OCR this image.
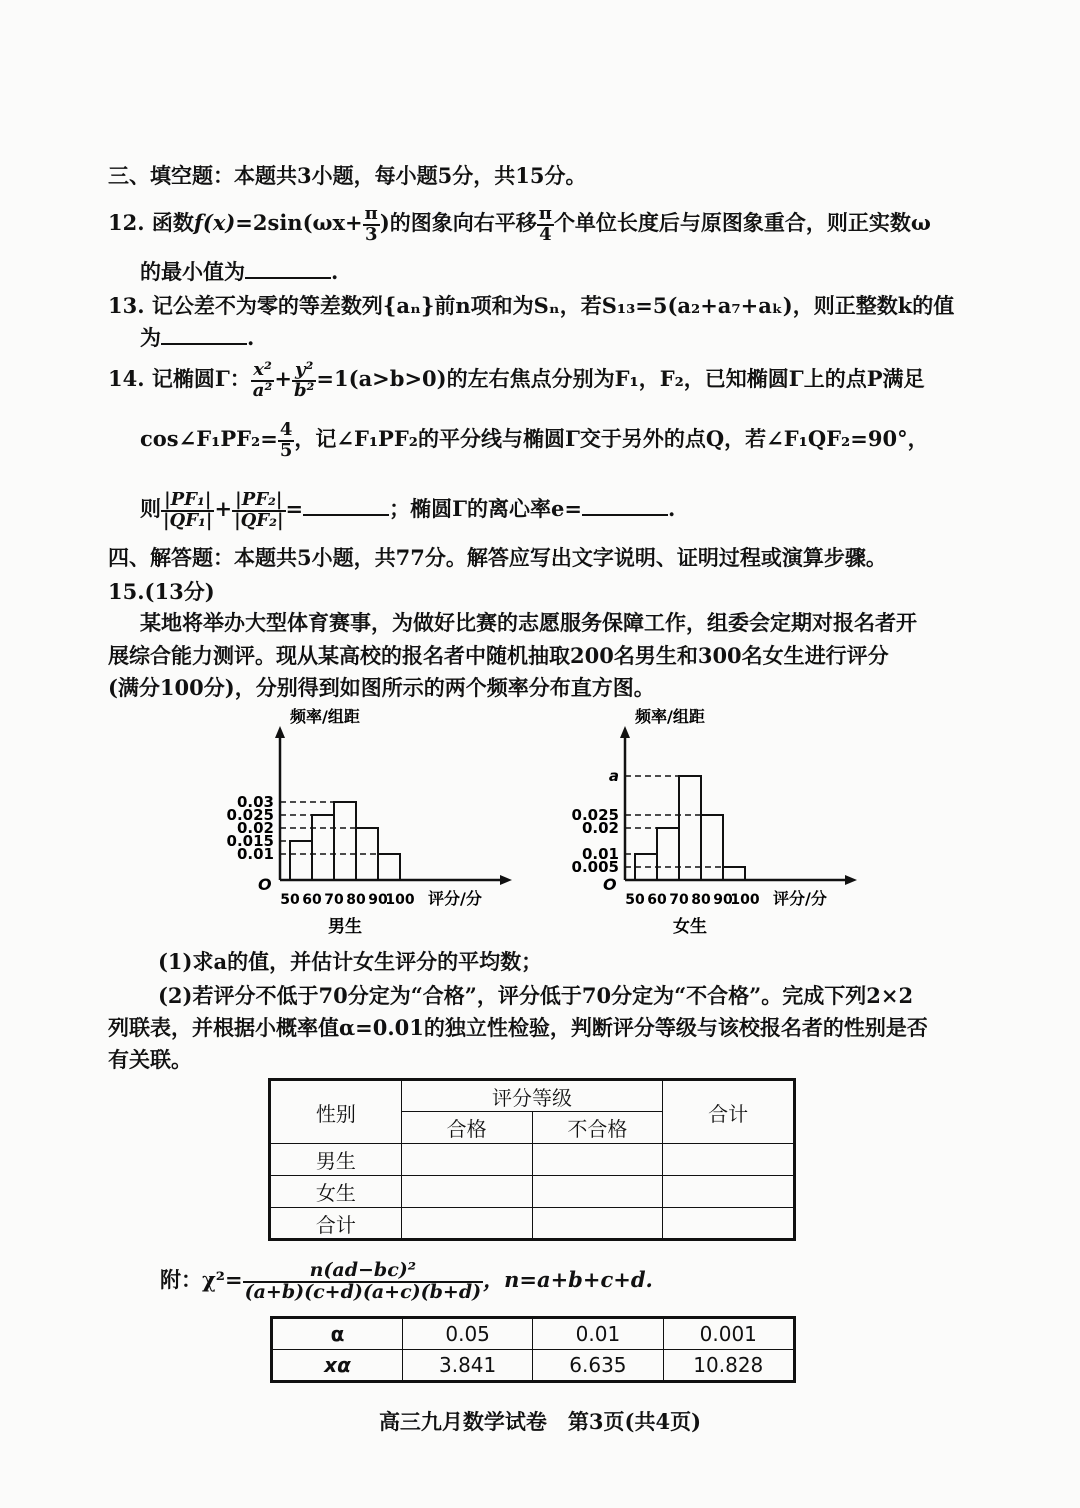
三、填空题：本题共3小题，每小题5分，共15分。
12. 函数$f(x)=2\sin(\omega x+ \frac{\pi}{3}$ )的图象向右平移 $\frac{\pi}{4}$ 个单位长度后与原图象重合，则正实数ω
的最小值为	.
13. 记公差不为零的等差数列{aₙ}前n项和为Sₙ，若S₁₃=5(a₂+a₇+aₖ)，则正整数k的值
为	.
14. 记椭圆Γ： $\frac{\text{x²}}{\text{a²}} + \frac{\text{y²}}{\text{b²}} =1(a>b>0)$的左右焦点分别为F₁，F₂，已知椭圆Γ上的点P满足
cos∠F₁PF₂= $\frac{4}{5}$ ，记∠F₁PF₂的平分线与椭圆Γ交于另外的点Q，若∠F₁QF₂=90°，
则 $\frac{\text{|PF₁|}}{\text{|QF₁|}} + \frac{\text{|PF₂|}}{\text{|QF₂|}}$ =	；椭圆Γ的离心率e=	.
四、解答题：本题共5小题，共77分。解答应写出文字说明、证明过程或演算步骤。
15.(13分)
某地将举办大型体育赛事，为做好比赛的志愿服务保障工作，组委会定期对报名者开
展综合能力测评。现从某高校的报名者中随机抽取200名男生和300名女生进行评分
(满分100分)，分别得到如图所示的两个频率分布直方图。
频率/组距
O
0.03
0.025
0.02
0.015
0.01
50 60 70 80 90
100 评分/分
男生
频率/组距
O
a
0.025
0.02
0.01
0.005
50 60 70 80 90
100 评分/分
女生
(1)求a的值，并估计女生评分的平均数；
(2)若评分不低于70分定为“合格”，评分低于70分定为“不合格”。完成下列2×2
列联表，并根据小概率值α=0.01的独立性检验，判断评分等级与该校报名者的性别是否
有关联。
性别	评分等级		合计
	合格	不合格	
男生			
女生			
合计			
附：$\chi^2= \frac{\text{n(ad−bc)²}}{(a+b)(c+d)(a+c)(b+d)}$ ，n=a+b+c+d.
α	0.05	0.01	0.001
xα	3.841	6.635	10.828
高三九月数学试卷　第3页(共4页)
